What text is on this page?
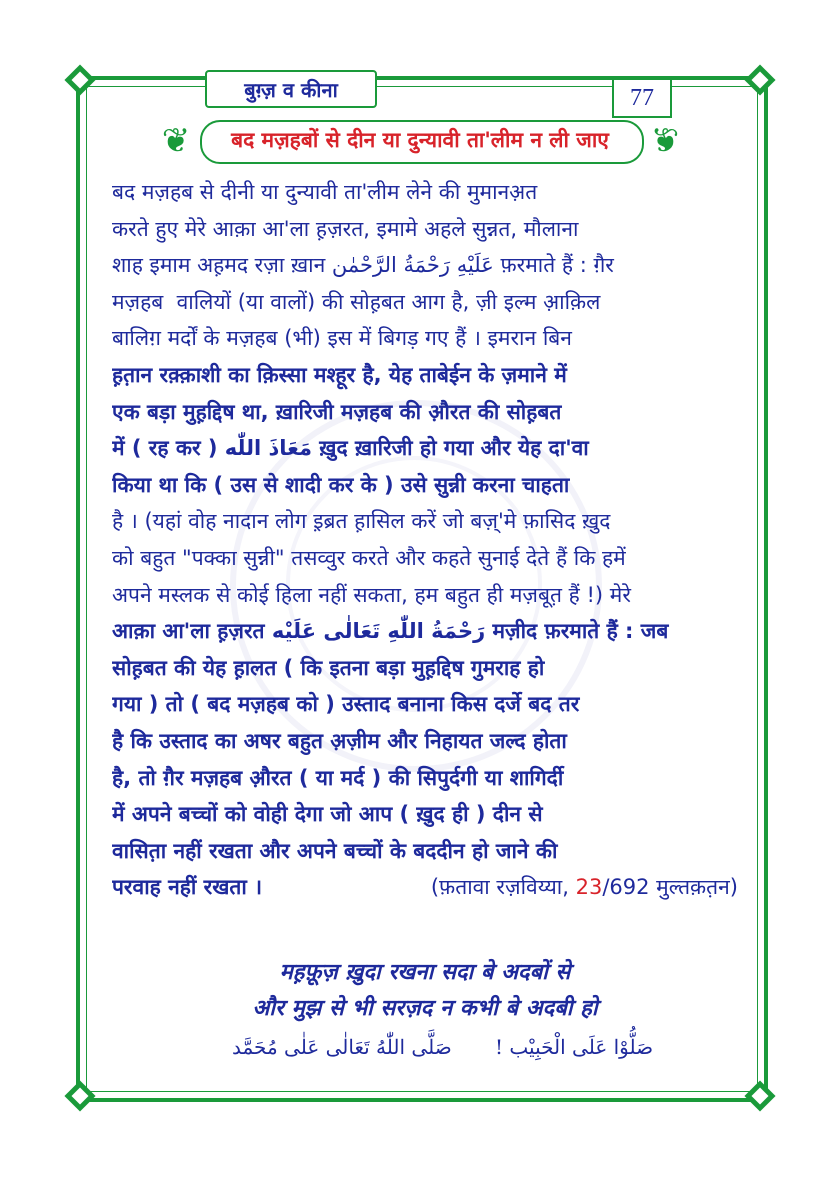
बुग़्ज़ व कीना	77
❦	बद मज़हबों से दीन या दुन्यावी ता'लीम न ली जाए	❦
बद मज़हब से दीनी या दुन्यावी ता'लीम लेने की मुमानअ़त
करते हुए मेरे आक़ा आ'ला ह़ज़रत, इमामे अहले सुन्नत, मौलाना
शाह इमाम अह़मद रज़ा ख़ान عَلَيْهِ رَحْمَةُ الرَّحْمٰن फ़रमाते हैं : ग़ैर
मज़हब  वालियों (या वालों) की सोह़बत आग है, ज़ी इल्म आ़क़िल
बालिग़ मर्दों के मज़हब (भी) इस में बिगड़ गए हैं । इमरान बिन
ह़त़ान रक़्क़ाशी का क़िस्सा मश्हूर है, येह ताबेईन के ज़माने में
एक बड़ा मुह़द्दिष था, ख़ारिजी मज़हब की औ़रत की सोह़बत
में ( रह कर ) مَعَاذَ اللّٰه ख़ुद ख़ारिजी हो गया और येह दा'वा
किया था कि ( उस से शादी कर के ) उसे सुन्नी करना चाहता
है । (यहां वोह नादान लोग इ़ब्रत ह़ासिल करें जो बज़्'मे फ़ासिद ख़ुद
को बहुत "पक्का सुन्नी" तसव्वुर करते और कहते सुनाई देते हैं कि हमें
अपने मस्लक से कोई हिला नहीं सकता, हम बहुत ही मज़बूत़ हैं !) मेरे
आक़ा आ'ला ह़ज़रत رَحْمَةُ اللّٰهِ تَعَالٰی عَلَیْه मज़ीद फ़रमाते हैं : जब
सोह़बत की येह ह़ालत ( कि इतना बड़ा मुह़द्दिष गुमराह हो
गया ) तो ( बद मज़हब को ) उस्ताद बनाना किस दर्जे बद तर
है कि उस्ताद का अषर बहुत अ़ज़ीम और निहायत जल्द होता
है, तो ग़ैर मज़हब औ़रत ( या मर्द ) की सिपुर्दगी या शागिर्दी
में अपने बच्चों को वोही देगा जो आप ( ख़ुद ही ) दीन से
वासित़ा नहीं रखता और अपने बच्चों के बददीन हो जाने की
परवाह नहीं रखता ।	(फ़तावा रज़विय्या, 23/692 मुल्तक़त़न)
मह़फ़ूज़ ख़ुदा रखना सदा बे अदबों से
और मुझ से भी सरज़द न कभी बे अदबी हो
صَلَّی اللّٰهُ تَعَالٰی عَلٰی مُحَمَّد صَلُّوْا عَلَی الْحَبِیْب !
